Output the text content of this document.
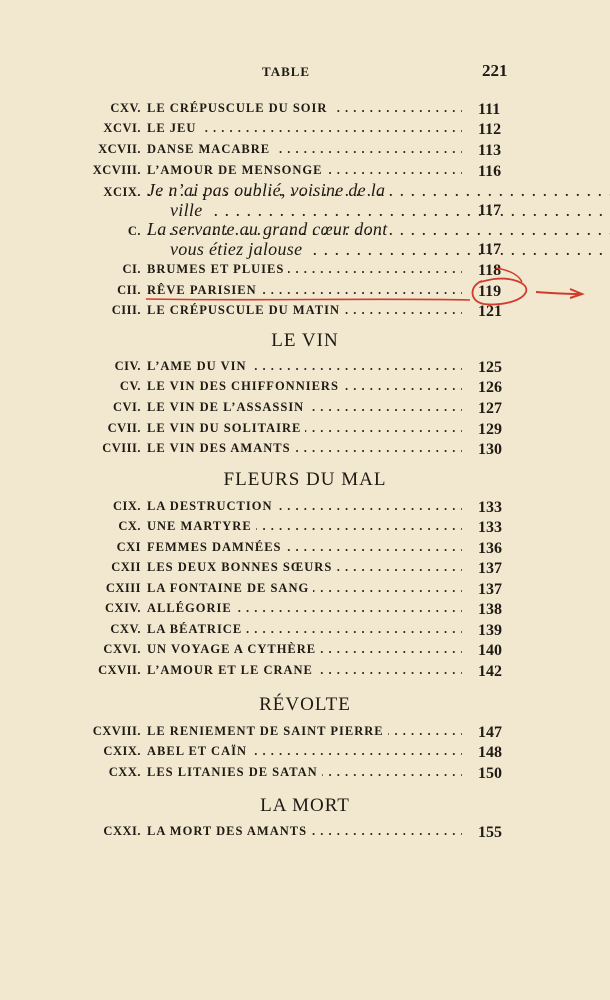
TABLE	221
CXV. LE CRÉPUSCULE DU SOIR . . .	111
XCVI. LE JEU . . .	112
XCVII. DANSE MACABRE . . .	113
XCVIII. L’AMOUR DE MENSONGE . . .	116
XCIX. Je n’ai pas oublié, voisine de la . . .
ville . . .	117
C. La servante au grand cœur dont . . .
vous étiez jalouse . . .	117
CI. BRUMES ET PLUIES . . .	118
CII. RÊVE PARISIEN . . .	119
CIII. LE CRÉPUSCULE DU MATIN . . .	121
LE VIN
CIV. L’AME DU VIN . . .	125
CV. LE VIN DES CHIFFONNIERS . . .	126
CVI. LE VIN DE L’ASSASSIN . . .	127
CVII. LE VIN DU SOLITAIRE . . .	129
CVIII. LE VIN DES AMANTS . . .	130
FLEURS DU MAL
CIX. LA DESTRUCTION . . .	133
CX. UNE MARTYRE . . .	133
CXI FEMMES DAMNÉES . . .	136
CXII LES DEUX BONNES SŒURS . . .	137
CXIII LA FONTAINE DE SANG . . .	137
CXIV. ALLÉGORIE . . .	138
CXV. LA BÉATRICE . . .	139
CXVI. UN VOYAGE A CYTHÈRE . . .	140
CXVII. L’AMOUR ET LE CRANE . . .	142
RÉVOLTE
CXVIII. LE RENIEMENT DE SAINT PIERRE . . .	147
CXIX. ABEL ET CAÏN . . .	148
CXX. LES LITANIES DE SATAN . . .	150
LA MORT
CXXI. LA MORT DES AMANTS . . .	155
